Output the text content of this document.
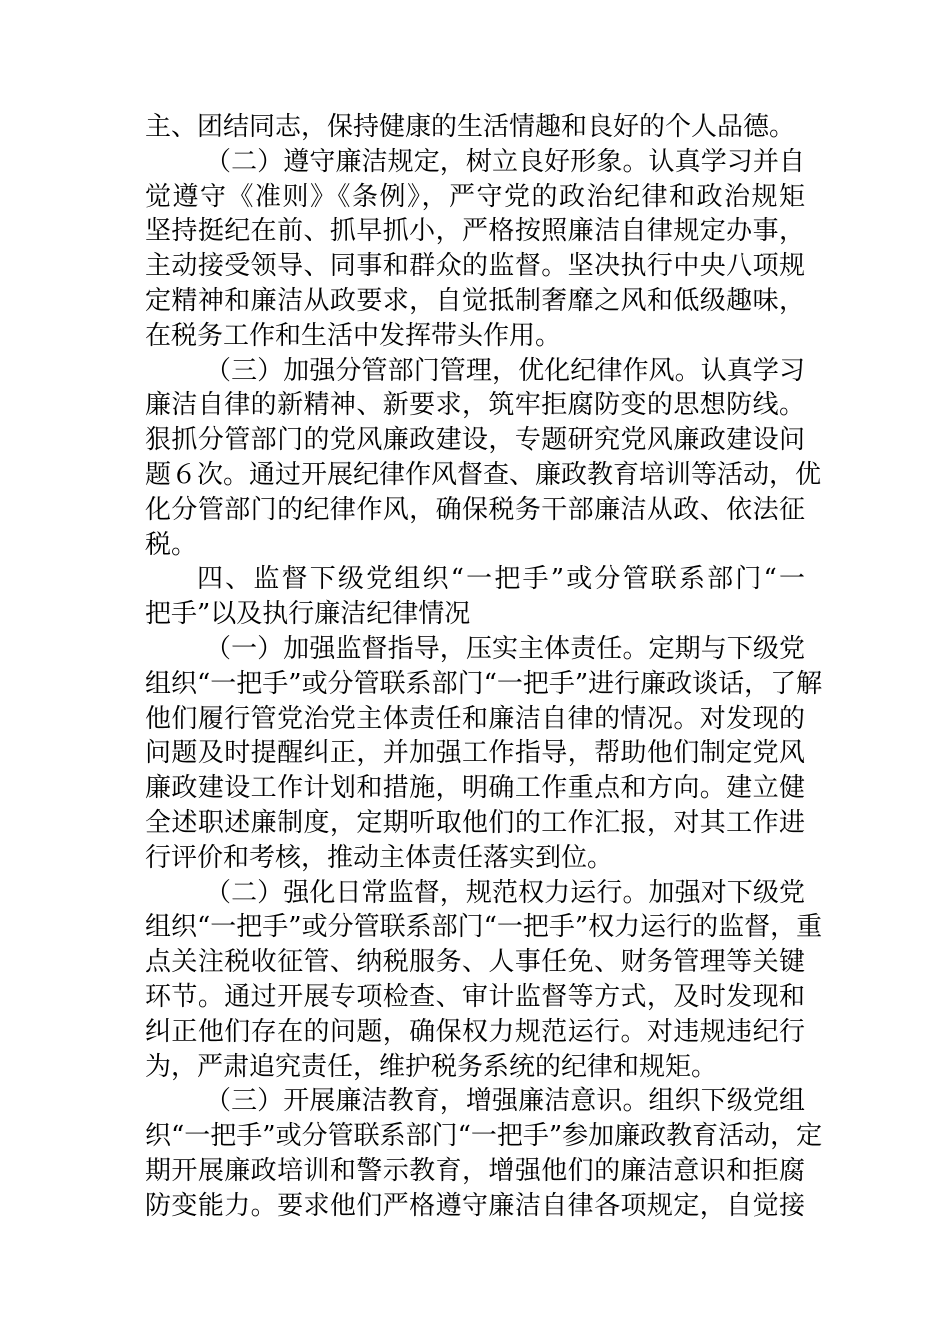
主、团结同志，保持健康的生活情趣和良好的个人品德。
（二）遵守廉洁规定，树立良好形象。认真学习并自
觉遵守《准则》《条例》，严守党的政治纪律和政治规矩
坚持挺纪在前、抓早抓小，严格按照廉洁自律规定办事，
主动接受领导、同事和群众的监督。坚决执行中央八项规
定精神和廉洁从政要求，自觉抵制奢靡之风和低级趣味，
在税务工作和生活中发挥带头作用。
（三）加强分管部门管理，优化纪律作风。认真学习
廉洁自律的新精神、新要求，筑牢拒腐防变的思想防线。
狠抓分管部门的党风廉政建设，专题研究党风廉政建设问
题６次。通过开展纪律作风督查、廉政教育培训等活动，优
化分管部门的纪律作风，确保税务干部廉洁从政、依法征
税。
四、监督下级党组织“一把手”或分管联系部门“一
把手”以及执行廉洁纪律情况
（一）加强监督指导，压实主体责任。定期与下级党
组织“一把手”或分管联系部门“一把手”进行廉政谈话，了解
他们履行管党治党主体责任和廉洁自律的情况。对发现的
问题及时提醒纠正，并加强工作指导，帮助他们制定党风
廉政建设工作计划和措施，明确工作重点和方向。建立健
全述职述廉制度，定期听取他们的工作汇报，对其工作进
行评价和考核，推动主体责任落实到位。
（二）强化日常监督，规范权力运行。加强对下级党
组织“一把手”或分管联系部门“一把手”权力运行的监督，重
点关注税收征管、纳税服务、人事任免、财务管理等关键
环节。通过开展专项检查、审计监督等方式，及时发现和
纠正他们存在的问题，确保权力规范运行。对违规违纪行
为，严肃追究责任，维护税务系统的纪律和规矩。
（三）开展廉洁教育，增强廉洁意识。组织下级党组
织“一把手”或分管联系部门“一把手”参加廉政教育活动，定
期开展廉政培训和警示教育，增强他们的廉洁意识和拒腐
防变能力。要求他们严格遵守廉洁自律各项规定，自觉接
